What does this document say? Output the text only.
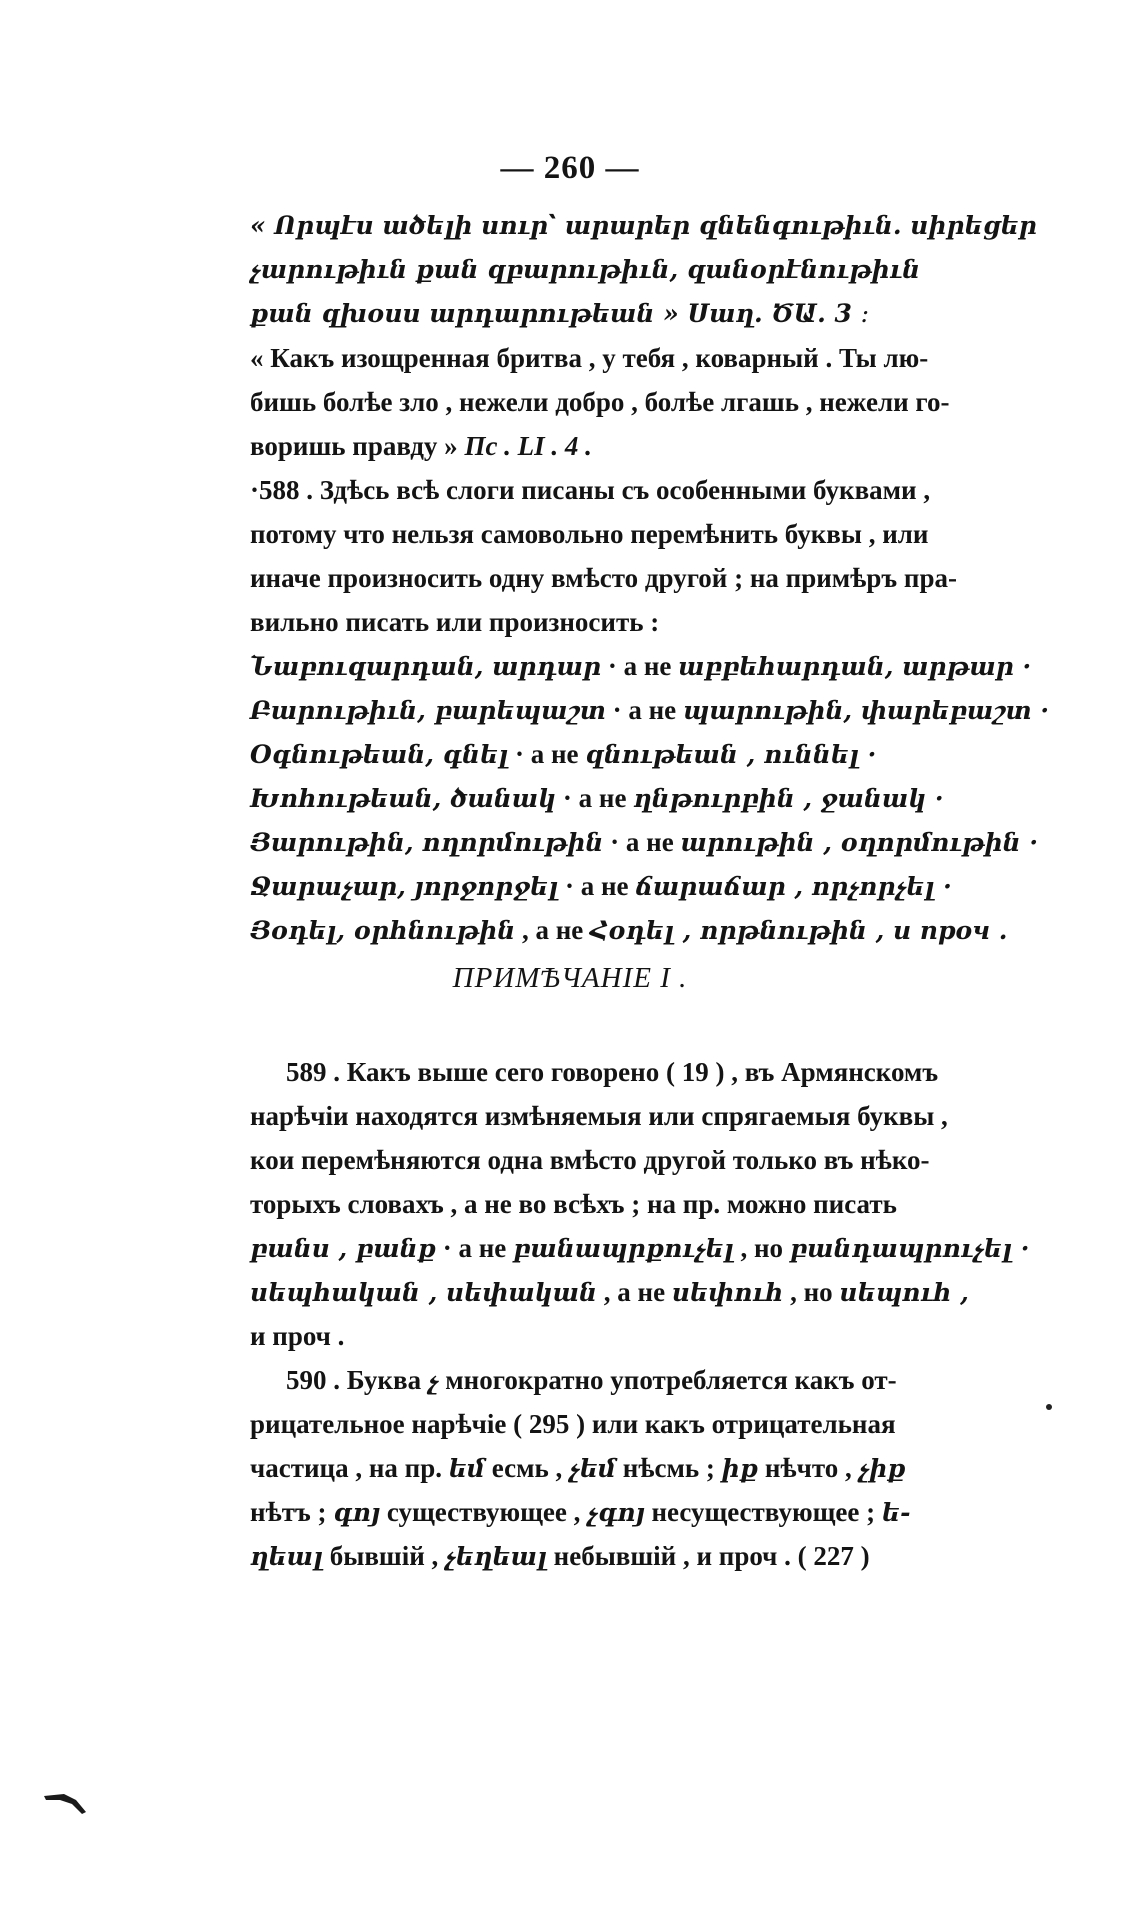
— 260 —
« Որպէս ածելի սուր՝ արարեր զնենգութիւն․ սիրեցեր
չարութիւն քան զբարութիւն, զանօրէնութիւն
քան զխօսս արդարութեան » Սաղ․ ԾԱ․ 3 ։
« Какъ изощренная бритва , у тебя , коварный . Ты лю-
бишь болѣе зло , нежели добро , болѣе лгашь , нежели го-
воришь правду » Пс . LI . 4 .
·588 . Здѣсь всѣ слоги писаны съ особенными буквами ,
потому что нельзя самовольно перемѣнить буквы , или
иначе произносить одну вмѣсто другой ; на примѣръ пра-
вильно писать или произносить :
Նաբուզարդան, արդար · а не աբբեհարդան, արթար ·
Բարութիւն, բարեպաշտ · а не պարութին, փարեբաշտ ·
Օգնութեան, գնել · а не զնութեան , ուննել ·
Խոհութեան, ծանակ · а не ղնթուրբին , ջանակ ·
Յարութին, ողորմութին · а не արութին , օղորմութին ·
Ջարաչար, յորջորջել · а не ճարաճար , որչորչել ·
Յօդել, օրհնութին , а не Հօդել , որթնութին , и проч .
ПРИМѢЧАНІЕ I .
589 . Какъ выше сего говорено ( 19 ) , въ Армянскомъ
нарѣчіи находятся измѣняемыя или спрягаемыя буквы ,
кои перемѣняются одна вмѣсто другой только въ нѣко-
торыхъ словахъ , а не во всѣхъ ; на пр. можно писать
բանս , բանք · а не բանապրքուչել , но բանդապրուչել ·
սեպհական , սեփական , а не սեփուհ , но սեպուհ ,
и проч .
590 . Буква չ многократно употребляется какъ от-
рицательное нарѣчіе ( 295 ) или какъ отрицательная
частица , на пр. եմ есмь , չեմ нѣсмь ; իք нѣчто , չիք
нѣтъ ; գոյ существующее , չգոյ несуществующее ; ե-
ղեալ бывшій , չեղեալ небывшій , и проч . ( 227 )
